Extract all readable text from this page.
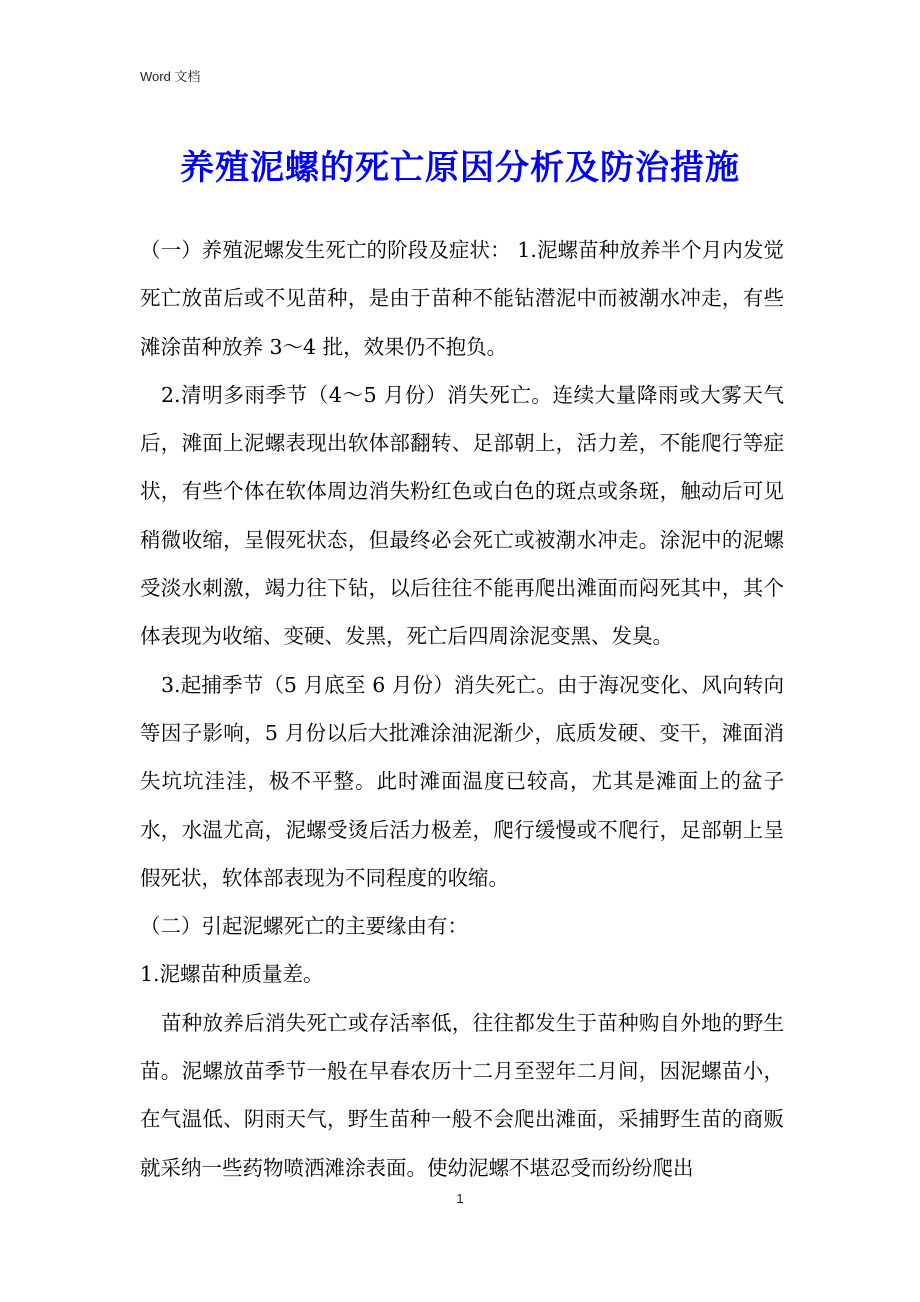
Word 文档
养殖泥螺的死亡原因分析及防治措施

（一）养殖泥螺发生死亡的阶段及症状： 1.泥螺苗种放养半个月内发觉死亡放苗后或不见苗种，是由于苗种不能钻潜泥中而被潮水冲走，有些滩涂苗种放养 3～4 批，效果仍不抱负。

2.清明多雨季节（4～5 月份）消失死亡。连续大量降雨或大雾天气后，滩面上泥螺表现出软体部翻转、足部朝上，活力差，不能爬行等症状，有些个体在软体周边消失粉红色或白色的斑点或条斑，触动后可见稍微收缩，呈假死状态，但最终必会死亡或被潮水冲走。涂泥中的泥螺受淡水刺激，竭力往下钻，以后往往不能再爬出滩面而闷死其中，其个体表现为收缩、变硬、发黑，死亡后四周涂泥变黑、发臭。

3.起捕季节（5 月底至 6 月份）消失死亡。由于海况变化、风向转向等因子影响，5 月份以后大批滩涂油泥渐少，底质发硬、变干，滩面消失坑坑洼洼，极不平整。此时滩面温度已较高，尤其是滩面上的盆子水，水温尤高，泥螺受烫后活力极差，爬行缓慢或不爬行，足部朝上呈假死状，软体部表现为不同程度的收缩。

（二）引起泥螺死亡的主要缘由有：

1.泥螺苗种质量差。

苗种放养后消失死亡或存活率低，往往都发生于苗种购自外地的野生苗。泥螺放苗季节一般在早春农历十二月至翌年二月间，因泥螺苗小，在气温低、阴雨天气，野生苗种一般不会爬出滩面，采捕野生苗的商贩就采纳一些药物喷洒滩涂表面。使幼泥螺不堪忍受而纷纷爬出

1
